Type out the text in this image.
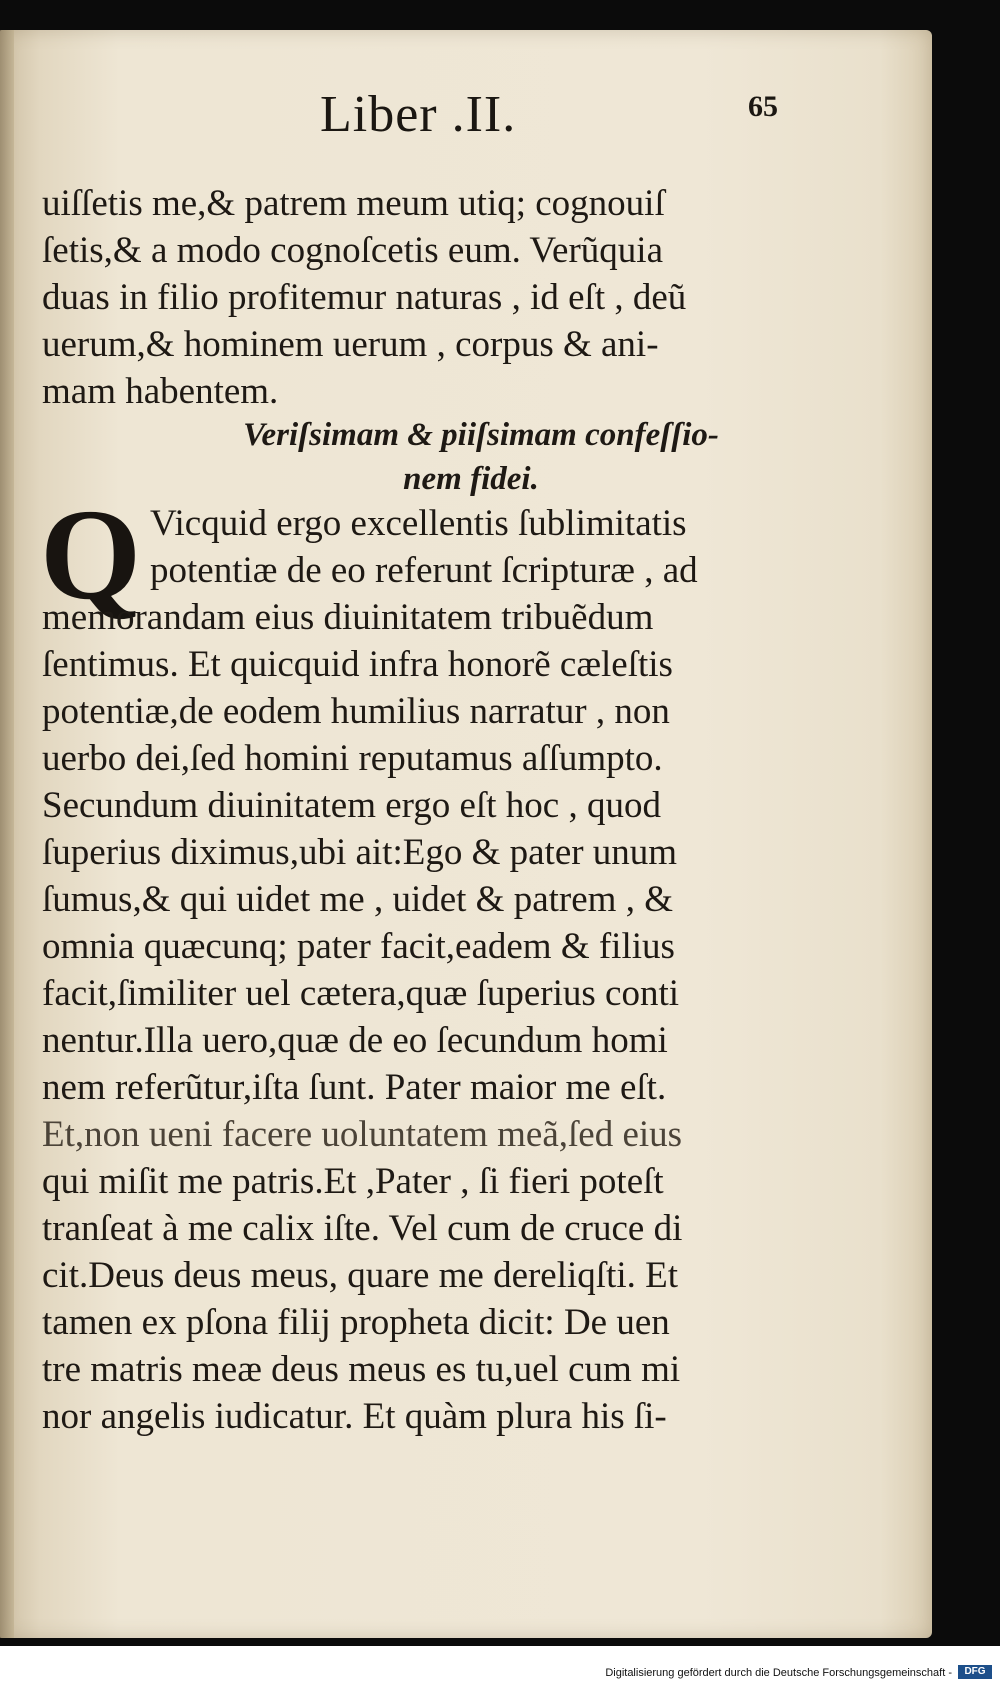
Liber .II.	65
uiſſetis me,& patrem meum utiq; cognouiſ
ſetis,& a modo cognoſcetis eum. Verũquia
duas in filio profitemur naturas , id eſt , deũ
uerum,& hominem uerum , corpus & ani-
mam habentem.
Veriſsimam & piiſsimam confeſſio-
nem fidei.
Q Vicquid ergo excellentis ſublimitatis
potentiæ de eo referunt ſcripturæ , ad
memorandam eius diuinitatem tribuẽdum
ſentimus. Et quicquid infra honorẽ cæleſtis
potentiæ,de eodem humilius narratur , non
uerbo dei,ſed homini reputamus aſſumpto.
Secundum diuinitatem ergo eſt hoc , quod
ſuperius diximus,ubi ait:Ego & pater unum
ſumus,& qui uidet me , uidet & patrem , &
omnia quæcunq; pater facit,eadem & filius
facit,ſimiliter uel cætera,quæ ſuperius conti
nentur.Illa uero,quæ de eo ſecundum homi
nem referũtur,iſta ſunt. Pater maior me eſt.
Et,non ueni facere uoluntatem meã,ſed eius
qui miſit me patris.Et ,Pater , ſi fieri poteſt
tranſeat à me calix iſte. Vel cum de cruce di
cit.Deus deus meus, quare me dereliqſti. Et
tamen ex pſona filij propheta dicit: De uen
tre matris meæ deus meus es tu,uel cum mi
nor angelis iudicatur. Et quàm plura his ſi-
Digitalisierung gefördert durch die Deutsche Forschungsgemeinschaft -	DFG
